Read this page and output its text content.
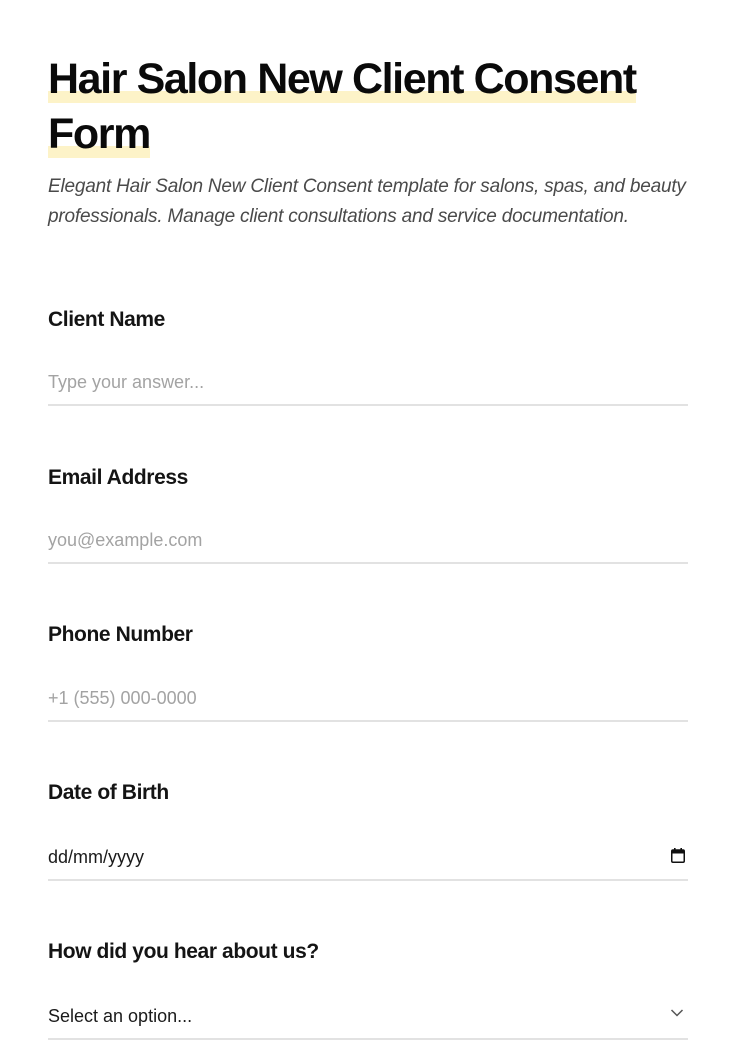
Hair Salon New Client Consent Form

Elegant Hair Salon New Client Consent template for salons, spas, and beauty professionals. Manage client consultations and service documentation.

Client Name
Type your answer...
Email Address
you@example.com
Phone Number
+1 (555) 000-0000
Date of Birth
dd/mm/yyyy
How did you hear about us?
Select an option...
